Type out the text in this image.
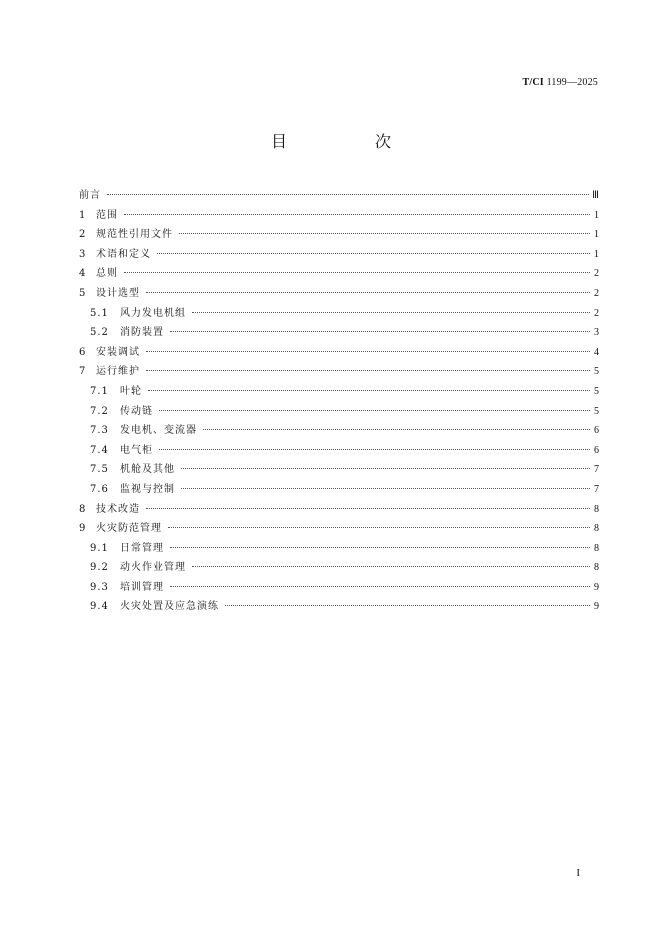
T/CI 1199—2025
目　次
前言	Ⅲ
1 范围	1
2 规范性引用文件	1
3 术语和定义	1
4 总则	2
5 设计选型	2
5.1	风力发电机组	2
5.2	消防装置	3
6 安装调试	4
7 运行维护	5
7.1	叶轮	5
7.2	传动链	5
7.3	发电机、变流器	6
7.4	电气柜	6
7.5	机舱及其他	7
7.6	监视与控制	7
8 技术改造	8
9 火灾防范管理	8
9.1	日常管理	8
9.2	动火作业管理	8
9.3	培训管理	9
9.4	火灾处置及应急演练	9
I
